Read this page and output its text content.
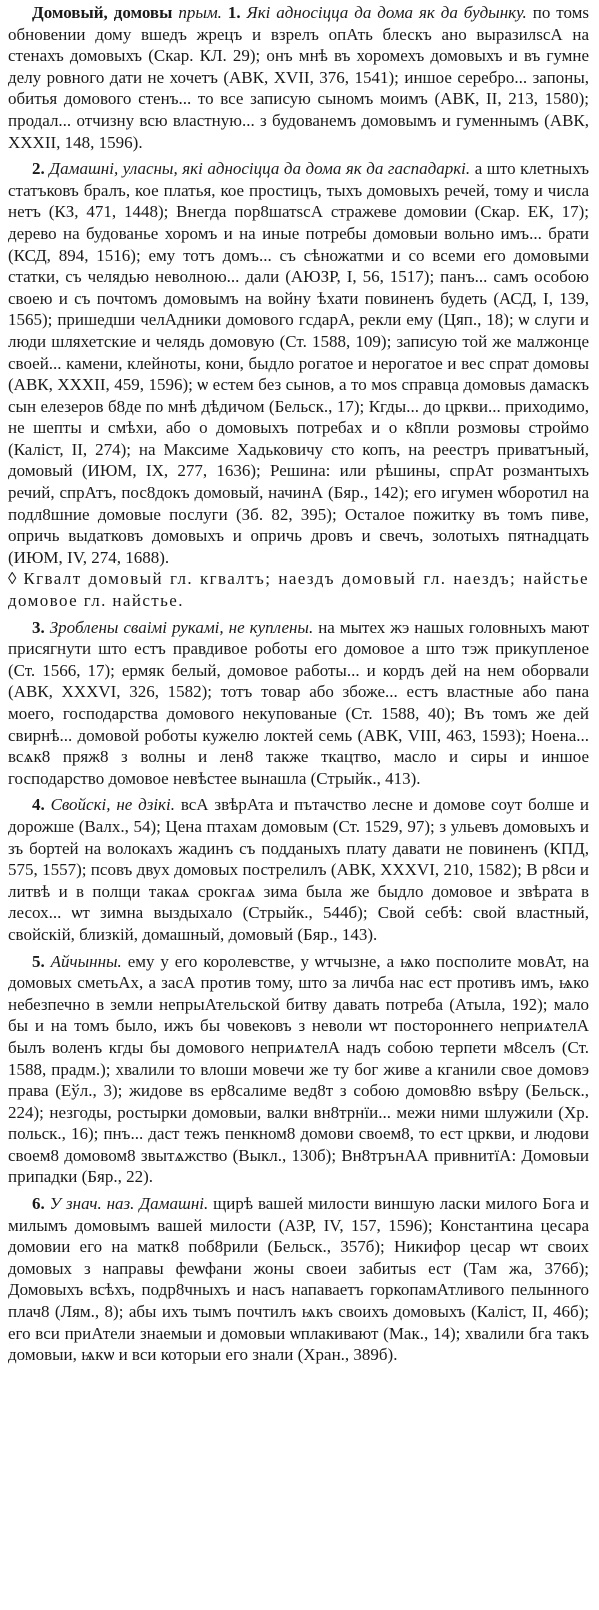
Домовый, домовы прым. 1. Які адносіцца да дома як да будынку. по томs обновении дому вшедъ жрецъ и взрелъ опАть блескъ ано выразилsсА на стенахъ домовыхъ (Скар. КЛ. 29); онъ мнѣ въ хоромехъ домовыхъ и въ гумне делу ровного дати не хочетъ (АВК, XVII, 376, 1541); иншое серебро... запоны, обитья домового стенъ... то все записую сыномъ моимъ (АВК, II, 213, 1580); продал... отчизну всю властную... з будованемъ домовымъ и гуменнымъ (АВК, XXXII, 148, 1596).

2. Дамашні, уласны, які адносіцца да дома як да гаспадаркі. а што клетныхъ статъковъ бралъ, кое платья, кое простицъ, тыхъ домовыхъ речей, тому и числа нетъ (КЗ, 471, 1448); Внегда пор8шатsсА стражеве домовии (Скар. ЕК, 17); дерево на будованье хоромъ и на иные потребы домовыи вольно имъ... брати (КСД, 894, 1516); ему тотъ домъ... съ сѣножатми и со всеми его домовыми статки, съ челядью неволною... дали (АЮЗР, I, 56, 1517); панъ... самъ особою своею и съ почтомъ домовымъ на войну ѣхати повиненъ будеть (АСД, I, 139, 1565); пришедши челАдники домового гсдарА, рекли ему (Цяп., 18); ѡ слуги и люди шляхетские и челядь домовую (Ст. 1588, 109); записую той же малжонце своей... камени, клейноты, кони, быдло рогатое и нерогатое и вес спрат домовы (АВК, XXXII, 459, 1596); ѡ естем без сынов, а то моs справца домовыs дамаскъ сын елезеров б8де по мнѣ дѣдичом (Бельск., 17); Кгды... до цркви... приходимо, не шепты и смѣхи, або о домовыхъ потребах и о к8пли розмовы строймо (Каліст, II, 274); на Максиме Хадьковичу сто копъ, на реестръ приватъный, домовый (ИЮМ, IX, 277, 1636); Решина: или рѣшины, спрАт розмантыхъ речий, спрАтъ, пос8докъ домовый, начинА (Бяр., 142); его игумен ѡборотил на подл8шние домовые послуги (Зб. 82, 395); Осталое пожитку въ томъ пиве, опричь выдатковъ домовыхъ и опричь дровъ и свечъ, золотыхъ пятнадцать (ИЮМ, IV, 274, 1688).

◊ Кгвалт домовый гл. кгвалтъ; наездъ домовый гл. наездъ; найстье домовое гл. найстье.

3. Зроблены сваімі рукамі, не куплены. на мытех жэ нашых головныхъ мают присягнути што естъ правдивое роботы его домовое а што тэж прикупленое (Ст. 1566, 17); ермяк белый, домовое работы... и кордъ дей на нем оборвали (АВК, XXXVI, 326, 1582); тотъ товар або збоже... естъ властные або пана моего, господарства домового некупованые (Ст. 1588, 40); Въ томъ же дей свирнѣ... домовой роботы кужелю локтей семь (АВК, VIII, 463, 1593); Ноена... всѧк8 пряж8 з волны и лен8 также ткацтво, масло и сиры и иншое господарство домовое невѣстее вынашла (Стрыйк., 413).

4. Свойскі, не дзікі. всА звѣрАта и пътачство лесне и домове соут болше и дорожше (Валх., 54); Цена птахам домовым (Ст. 1529, 97); з ульевъ домовыхъ и зъ бортей на волокахъ жадинъ съ подданыхъ плату давати не повиненъ (КПД, 575, 1557); псовъ двух домовых пострелилъ (АВК, XXXVI, 210, 1582); В р8си и литвѣ и в полщи такаѧ срокгаѧ зима была же быдло домовое и звѣрата в лесох... ѡт зимна выздыхало (Стрыйк., 544б); Свой себѣ: свой властный, свойскій, близкій, домашный, домовый (Бяр., 143).

5. Айчынны. ему у его королевстве, у ѡтчызне, а ѩко посполите мовАт, на домовых сметьАх, а засА против тому, што за личба нас ест противъ имъ, ѩко небезпечно в земли непрыАтельской битву давать потреба (Атыла, 192); мало бы и на томъ было, ижъ бы човековъ з неволи ѡт постороннего неприѧтелА былъ воленъ кгды бы домового неприѧтелА надъ собою терпети м8селъ (Ст. 1588, прадм.); хвалили то влоши мовечи же ту бог живе а кганили свое домовэ права (Еўл., 3); жидове вs ер8салиме вед8т з собою домов8ю вsѣру (Бельск., 224); незгоды, ростырки домовыи, валки вн8трнїи... межи ними шлужили (Хр. польск., 16); пнъ... даст тежъ пенкном8 домови своем8, то ест цркви, и людови своем8 домовом8 звытѧжство (Выкл., 130б); Вн8трънАА привнитїА: Домовыи припадки (Бяр., 22).

6. У знач. наз. Дамашні. щирѣ вашей милости виншую ласки милого Бога и милымъ домовымъ вашей милости (АЗР, IV, 157, 1596); Константина цесара домовии его на матк8 поб8рили (Бельск., 357б); Никифор цесар ѡт своих домовых з направы феѡфани жоны своеи забитыs ест (Там жа, 376б); Домовыхъ всѣхъ, подр8чныхъ и насъ напаваетъ горкопамАтливого пелынного плач8 (Лям., 8); абы ихъ тымъ почтилъ ѩкъ своихъ домовыхъ (Каліст, II, 46б); его вси приАтели знаемыи и домовыи ѡплакивают (Мак., 14); хвалили бга такъ домовыи, ѩкѡ и вси которыи его знали (Хран., 389б).
